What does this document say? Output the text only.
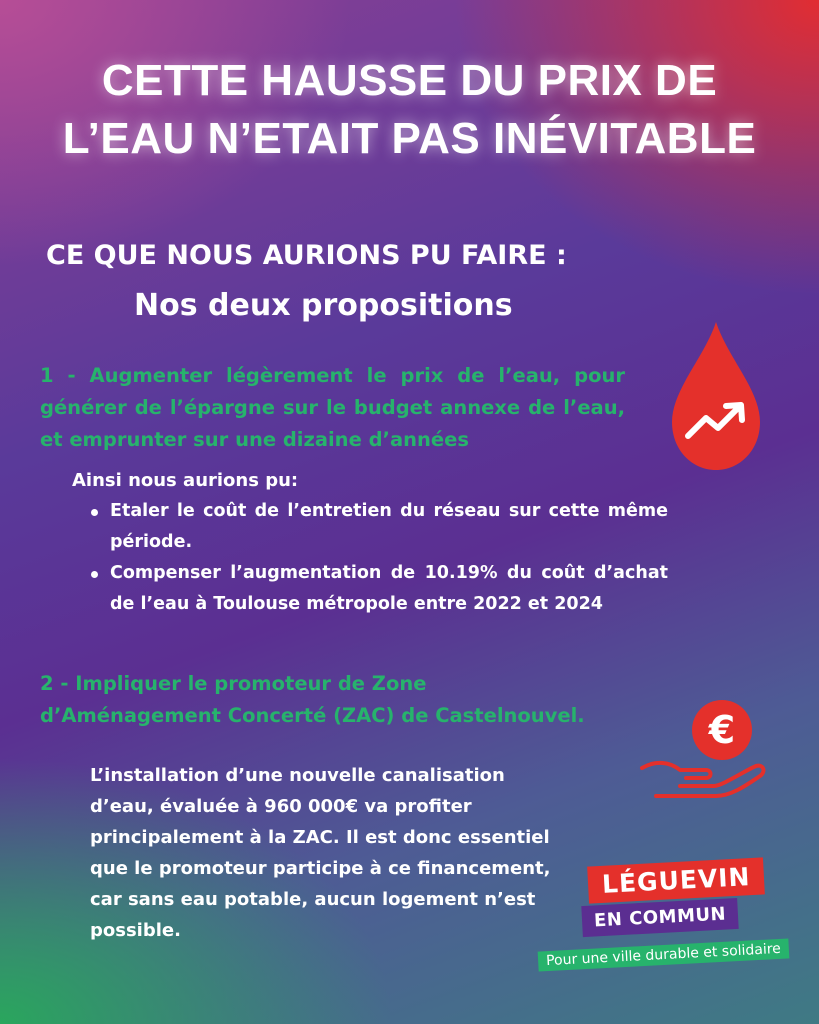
CETTE HAUSSE DU PRIX DE
L’EAU N’ETAIT PAS INÉVITABLE
CE QUE NOUS AURIONS PU FAIRE :
Nos deux propositions
1 - Augmenter légèrement le prix de l’eau, pour générer de l’épargne sur le budget annexe de l’eau, et emprunter sur une dizaine d’années
Ainsi nous aurions pu:
Etaler le coût de l’entretien du réseau sur cette même période.
Compenser l’augmentation de 10.19% du coût d’achat de l’eau à Toulouse métropole entre 2022 et 2024
2 - Impliquer le promoteur de Zone
d’Aménagement Concerté (ZAC) de Castelnouvel.	€
L’installation d’une nouvelle canalisation d’eau, évaluée à 960 000€ va profiter principalement à la ZAC. Il est donc essentiel que le promoteur participe à ce financement, car sans eau potable, aucun logement n’est possible.
LÉGUEVIN
EN COMMUN
Pour une ville durable et solidaire
